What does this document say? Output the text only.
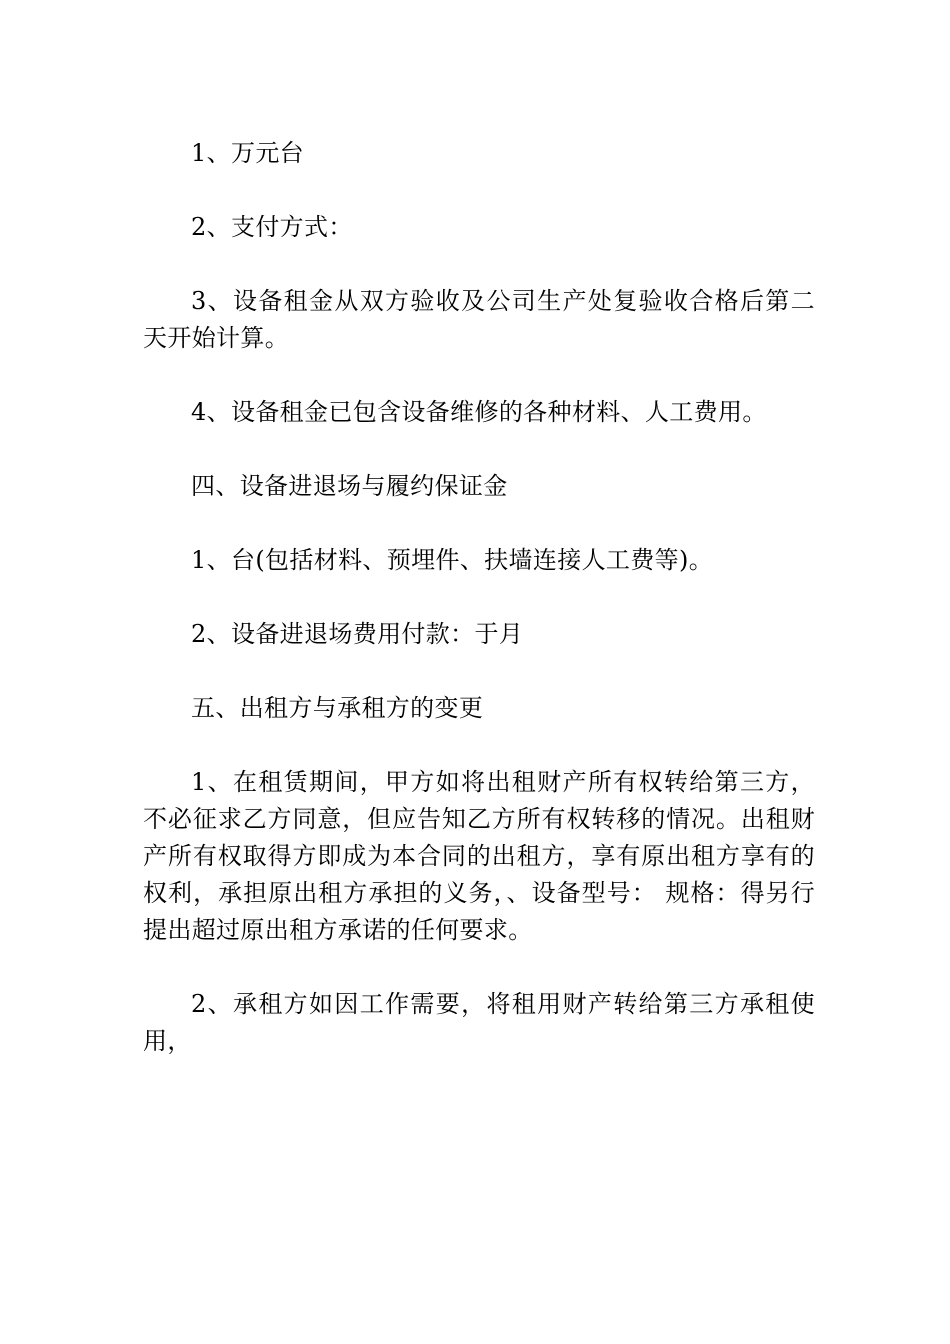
1、万元台

2、支付方式：

3、设备租金从双方验收及公司生产处复验收合格后第二天开始计算。

4、设备租金已包含设备维修的各种材料、人工费用。

四、设备进退场与履约保证金

1、台(包括材料、预埋件、扶墙连接人工费等)。

2、设备进退场费用付款：于月

五、出租方与承租方的变更

1、在租赁期间，甲方如将出租财产所有权转给第三方，不必征求乙方同意，但应告知乙方所有权转移的情况。出租财产所有权取得方即成为本合同的出租方，享有原出租方享有的权利，承担原出租方承担的义务，、设备型号： 规格：得另行提出超过原出租方承诺的任何要求。

2、承租方如因工作需要，将租用财产转给第三方承租使用，
